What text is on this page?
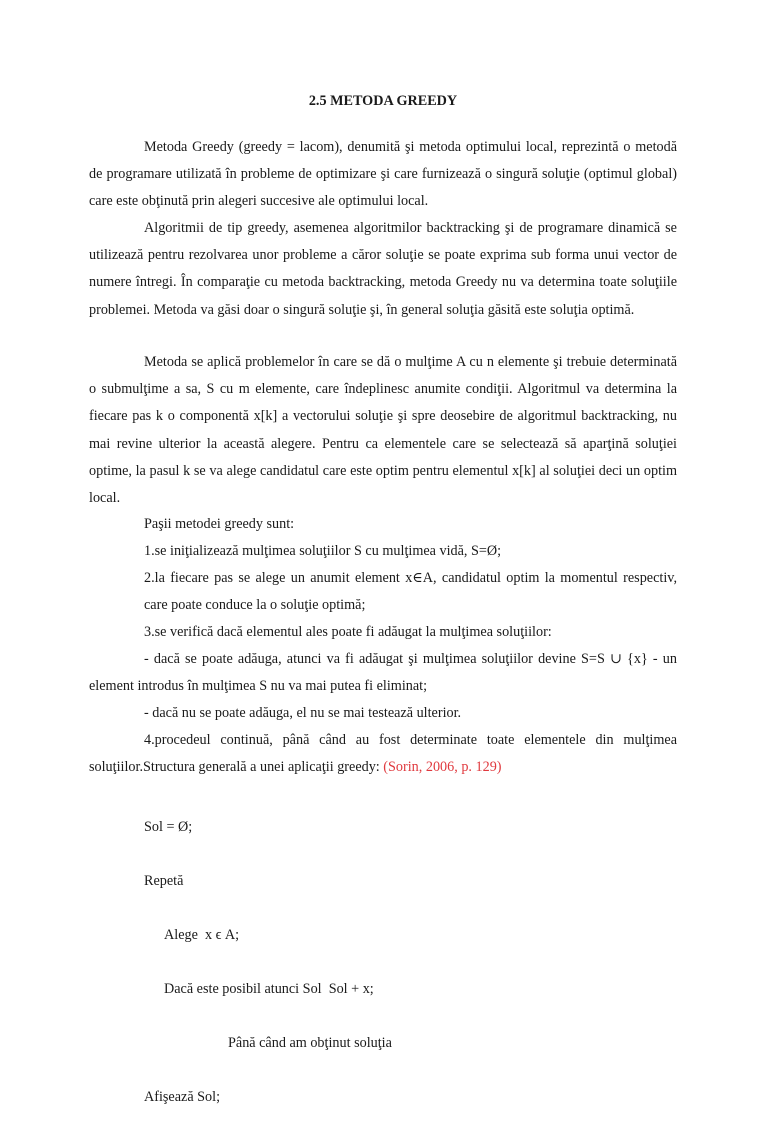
2.5 METODA GREEDY

Metoda Greedy (greedy = lacom), denumită şi metoda optimului local, reprezintă o metodă de programare utilizată în probleme de optimizare şi care furnizează o singură soluţie (optimul global) care este obţinută prin alegeri succesive ale optimului local.

Algoritmii de tip greedy, asemenea algoritmilor backtracking şi de programare dinamică se utilizează pentru rezolvarea unor probleme a căror soluţie se poate exprima sub forma unui vector de numere întregi. În comparaţie cu metoda backtracking, metoda Greedy nu va determina toate soluţiile problemei. Metoda va găsi doar o singură soluţie şi, în general soluţia găsită este soluţia optimă.

Metoda se aplică problemelor în care se dă o mulţime A cu n elemente şi trebuie determinată o submulţime a sa, S cu m elemente, care îndeplinesc anumite condiţii. Algoritmul va determina la fiecare pas k o componentă x[k] a vectorului soluţie şi spre deosebire de algoritmul backtracking, nu mai revine ulterior la această alegere. Pentru ca elementele care se selectează să aparţină soluţiei optime, la pasul k se va alege candidatul care este optim pentru elementul x[k] al soluţiei deci un optim local.

Paşii metodei greedy sunt:

1.se iniţializează mulţimea soluţiilor S cu mulţimea vidă, S=Ø;

2.la fiecare pas se alege un anumit element x∈A, candidatul optim la momentul respectiv, care poate conduce la o soluţie optimă;

3.se verifică dacă elementul ales poate fi adăugat la mulţimea soluţiilor:

- dacă se poate adăuga, atunci va fi adăugat şi mulţimea soluţiilor devine S=S ∪ {x} - un element introdus în mulţimea S nu va mai putea fi eliminat;

- dacă nu se poate adăuga, el nu se mai testează ulterior.

4.procedeul continuă, până când au fost determinate toate elementele din mulţimea soluţiilor.Structura generală a unei aplicaţii greedy: (Sorin, 2006, p. 129)

Sol = Ø;

Repetă

Alege  x ϵ A;

Dacă este posibil atunci Sol  Sol + x;

Până când am obţinut soluţia

Afişează Sol;
